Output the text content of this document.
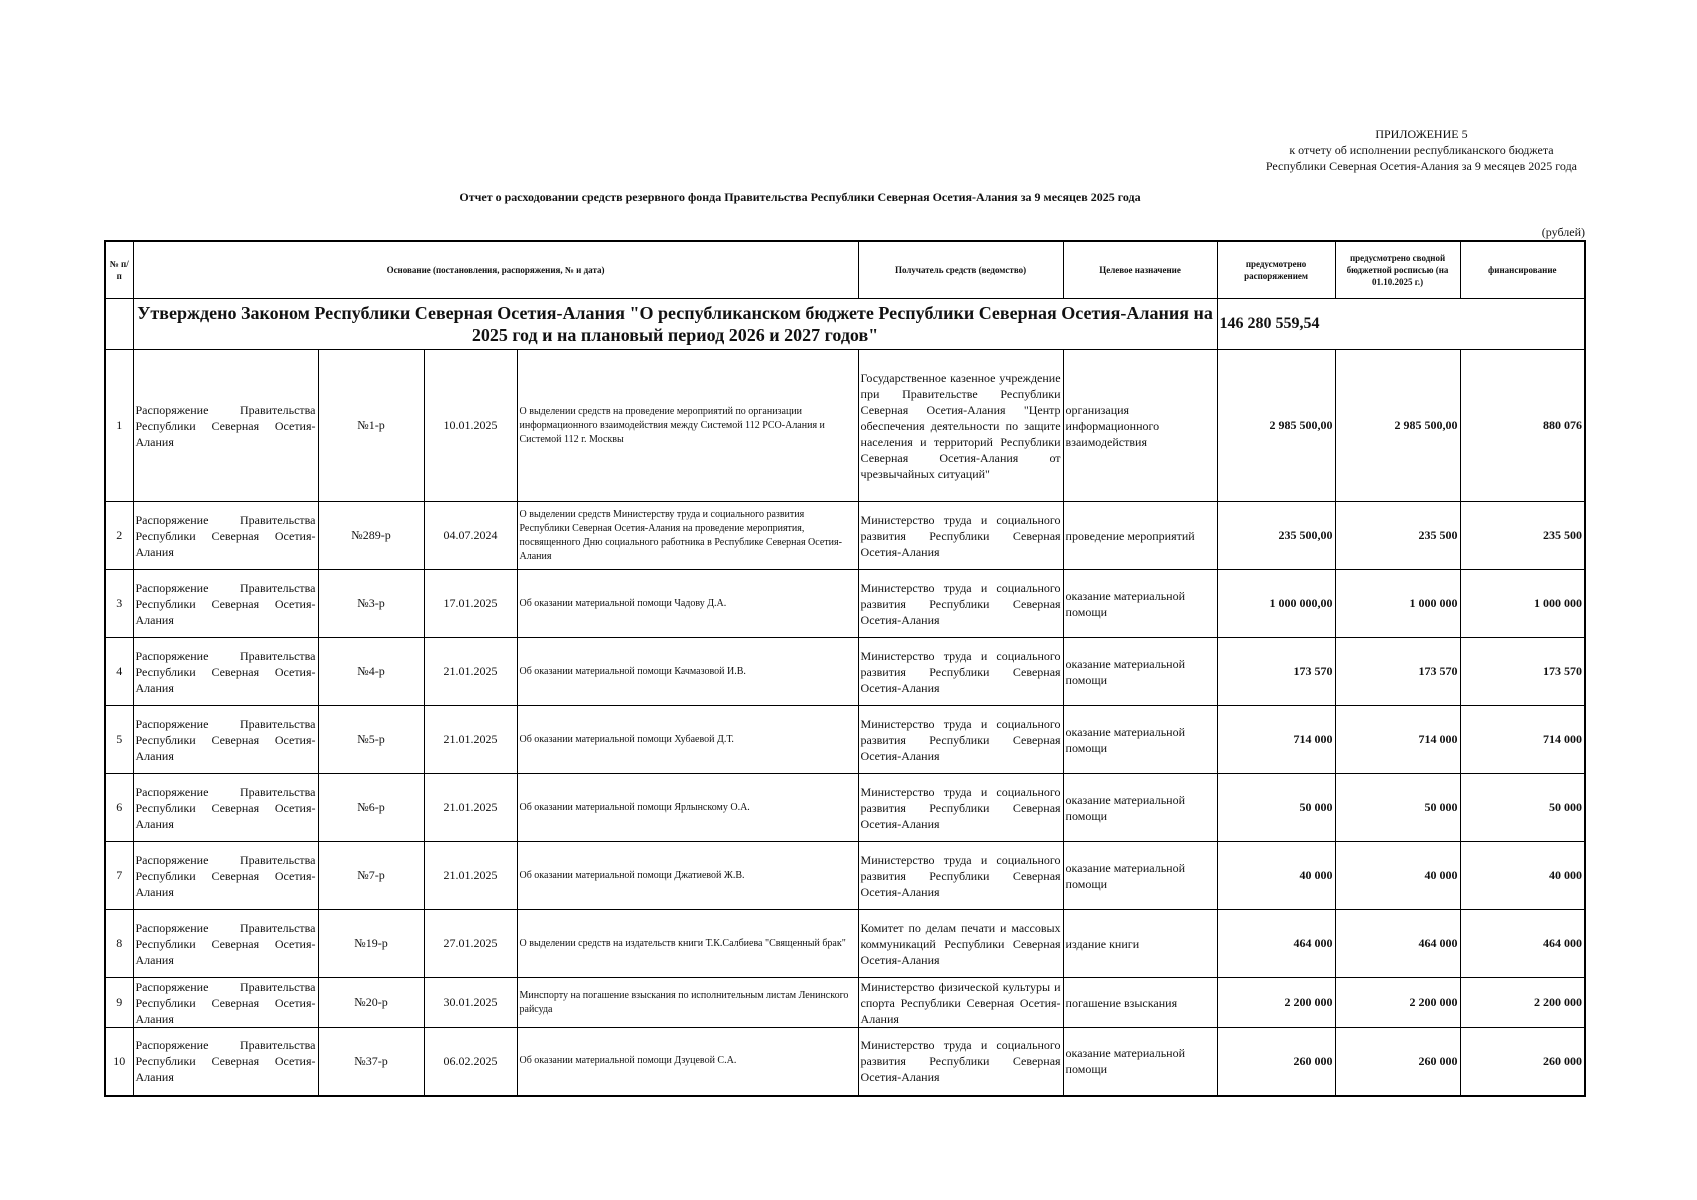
ПРИЛОЖЕНИЕ 5
к отчету об исполнении республиканского бюджета
Республики Северная Осетия-Алания за 9 месяцев 2025 года
Отчет о расходовании средств резервного фонда Правительства Республики Северная Осетия-Алания за 9 месяцев 2025 года
(рублей)
№ п/п	Основание (постановления, распоряжения, № и дата)				Получатель средств (ведомство)	Целевое назначение	предусмотрено распоряжением	предусмотрено сводной бюджетной росписью (на 01.10.2025 г.)	финансирование
	Утверждено Законом Республики Северная Осетия-Алания "О республиканском бюджете Республики Северная Осетия-Алания на 2025 год и на плановый период 2026 и 2027 годов"						146 280 559,54		
1	Распоряжение Правительства Республики Северная Осетия-Алания	№1-р	10.01.2025	О выделении средств на проведение мероприятий по организации информационного взаимодействия между Системой 112 РСО-Алания и Системой 112 г. Москвы	Государственное казенное учреждение при Правительстве Республики Северная Осетия-Алания "Центр обеспечения деятельности по защите населения и территорий Республики Северная Осетия-Алания от чрезвычайных ситуаций"	организация информационного взаимодействия	2 985 500,00	2 985 500,00	880 076
2	Распоряжение Правительства Республики Северная Осетия-Алания	№289-р	04.07.2024	О выделении средств Министерству труда и социального развития Республики Северная Осетия-Алания на проведение мероприятия, посвященного Дню социального работника в Республике Северная Осетия-Алания	Министерство труда и социального развития Республики Северная Осетия-Алания	проведение мероприятий	235 500,00	235 500	235 500
3	Распоряжение Правительства Республики Северная Осетия-Алания	№3-р	17.01.2025	Об оказании материальной помощи Чадову Д.А.	Министерство труда и социального развития Республики Северная Осетия-Алания	оказание материальной помощи	1 000 000,00	1 000 000	1 000 000
4	Распоряжение Правительства Республики Северная Осетия-Алания	№4-р	21.01.2025	Об оказании материальной помощи Качмазовой И.В.	Министерство труда и социального развития Республики Северная Осетия-Алания	оказание материальной помощи	173 570	173 570	173 570
5	Распоряжение Правительства Республики Северная Осетия-Алания	№5-р	21.01.2025	Об оказании материальной помощи Хубаевой Д.Т.	Министерство труда и социального развития Республики Северная Осетия-Алания	оказание материальной помощи	714 000	714 000	714 000
6	Распоряжение Правительства Республики Северная Осетия-Алания	№6-р	21.01.2025	Об оказании материальной помощи Ярлынскому О.А.	Министерство труда и социального развития Республики Северная Осетия-Алания	оказание материальной помощи	50 000	50 000	50 000
7	Распоряжение Правительства Республики Северная Осетия-Алания	№7-р	21.01.2025	Об оказании материальной помощи Джатиевой Ж.В.	Министерство труда и социального развития Республики Северная Осетия-Алания	оказание материальной помощи	40 000	40 000	40 000
8	Распоряжение Правительства Республики Северная Осетия-Алания	№19-р	27.01.2025	О выделении средств на издательств книги Т.К.Салбиева "Священный брак"	Комитет по делам печати и массовых коммуникаций Республики Северная Осетия-Алания	издание книги	464 000	464 000	464 000
9	Распоряжение Правительства Республики Северная Осетия-Алания	№20-р	30.01.2025	Минспорту на погашение взыскания по исполнительным листам Ленинского райсуда	Министерство физической культуры и спорта Республики Северная Осетия-Алания	погашение взыскания	2 200 000	2 200 000	2 200 000
10	Распоряжение Правительства Республики Северная Осетия-Алания	№37-р	06.02.2025	Об оказании материальной помощи Дзуцевой С.А.	Министерство труда и социального развития Республики Северная Осетия-Алания	оказание материальной помощи	260 000	260 000	260 000
